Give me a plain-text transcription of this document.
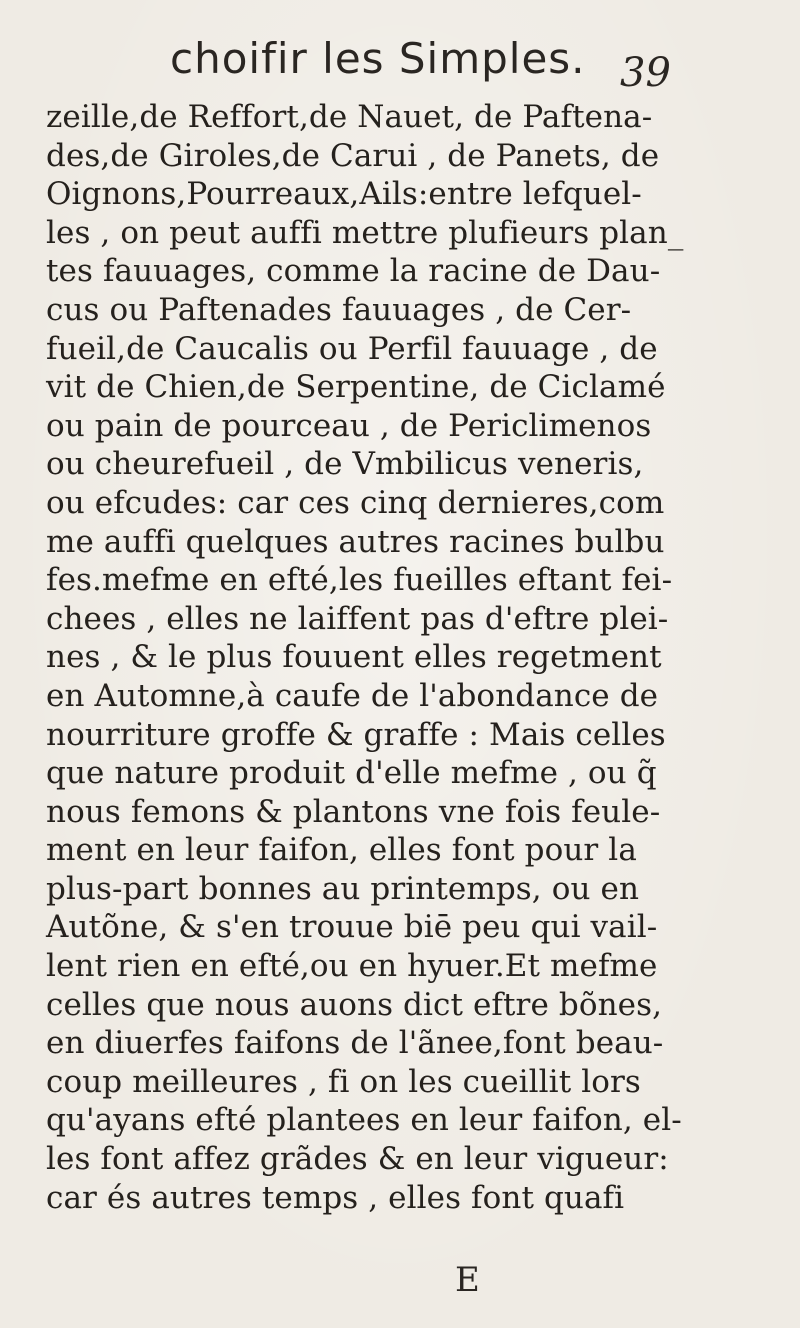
choifir les Simples. 39
zeille,de Reffort,de Nauet, de Paftena-
des,de Giroles,de Carui , de Panets, de
Oignons,Pourreaux,Ails:entre lefquel-
les , on peut auffi mettre plufieurs plan_
tes fauuages, comme la racine de Dau-
cus ou Paftenades fauuages , de Cer-
fueil,de Caucalis ou Perfil fauuage , de
vit de Chien,de Serpentine, de Ciclamé
ou pain de pourceau , de Periclimenos
ou cheurefueil , de Vmbilicus veneris,
ou efcudes: car ces cinq dernieres,com
me auffi quelques autres racines bulbu
fes.mefme en efté,les fueilles eftant fei-
chees , elles ne laiffent pas d'eftre plei-
nes , & le plus fouuent elles regetment
en Automne,à caufe de l'abondance de
nourriture groffe & graffe : Mais celles
que nature produit d'elle mefme , ou q̃
nous femons & plantons vne fois feule-
ment en leur faifon, elles font pour la
plus-part bonnes au printemps, ou en
Autõne, & s'en trouue biē peu qui vail-
lent rien en efté,ou en hyuer.Et mefme
celles que nous auons dict eftre bõnes,
en diuerfes faifons de l'ãnee,font beau-
coup meilleures , fi on les cueillit lors
qu'ayans efté plantees en leur faifon, el-
les font affez grãdes & en leur vigueur:
car és autres temps , elles font quafi
E
